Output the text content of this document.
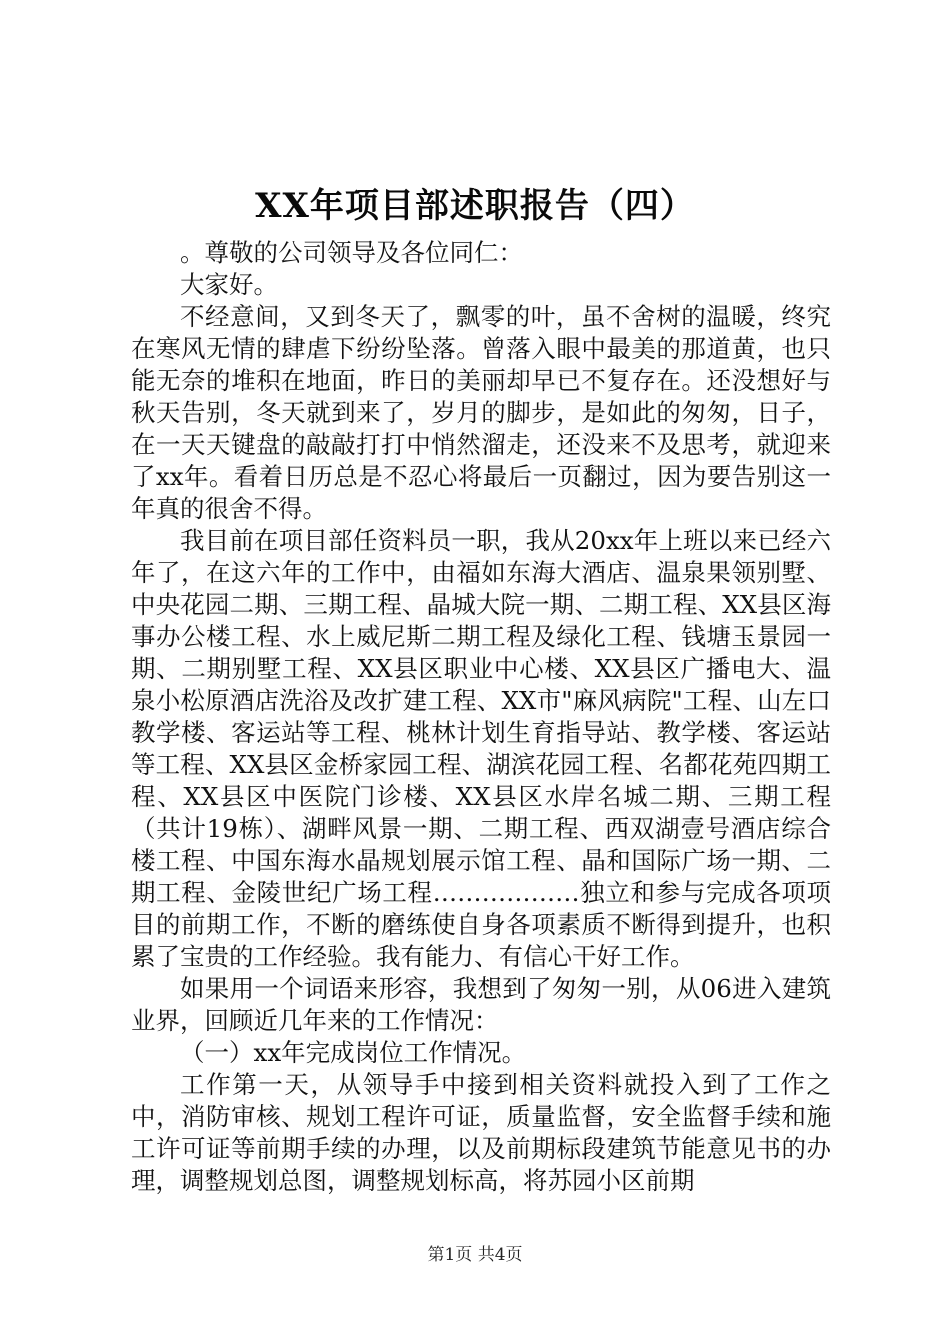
XX年项目部述职报告（四）

。尊敬的公司领导及各位同仁：

大家好。

不经意间，又到冬天了，飘零的叶，虽不舍树的温暖，终究在寒风无情的肆虐下纷纷坠落。曾落入眼中最美的那道黄，也只能无奈的堆积在地面，昨日的美丽却早已不复存在。还没想好与秋天告别，冬天就到来了，岁月的脚步，是如此的匆匆，日子，在一天天键盘的敲敲打打中悄然溜走，还没来不及思考，就迎来了xx年。看着日历总是不忍心将最后一页翻过，因为要告别这一年真的很舍不得。

我目前在项目部任资料员一职，我从20xx年上班以来已经六年了，在这六年的工作中，由福如东海大酒店、温泉果领别墅、中央花园二期、三期工程、晶城大院一期、二期工程、XX县区海事办公楼工程、水上威尼斯二期工程及绿化工程、钱塘玉景园一期、二期别墅工程、XX县区职业中心楼、XX县区广播电大、温泉小松原酒店洗浴及改扩建工程、XX市"麻风病院"工程、山左口教学楼、客运站等工程、桃林计划生育指导站、教学楼、客运站等工程、XX县区金桥家园工程、湖滨花园工程、名都花苑四期工程、XX县区中医院门诊楼、XX县区水岸名城二期、三期工程（共计19栋）、湖畔风景一期、二期工程、西双湖壹号酒店综合楼工程、中国东海水晶规划展示馆工程、晶和国际广场一期、二期工程、金陵世纪广场工程………………独立和参与完成各项项目的前期工作，不断的磨练使自身各项素质不断得到提升，也积累了宝贵的工作经验。我有能力、有信心干好工作。

如果用一个词语来形容，我想到了匆匆一别，从06进入建筑业界，回顾近几年来的工作情况：

（一）xx年完成岗位工作情况。

工作第一天，从领导手中接到相关资料就投入到了工作之中，消防审核、规划工程许可证，质量监督，安全监督手续和施工许可证等前期手续的办理，以及前期标段建筑节能意见书的办理，调整规划总图，调整规划标高，将苏园小区前期

第1页 共4页
